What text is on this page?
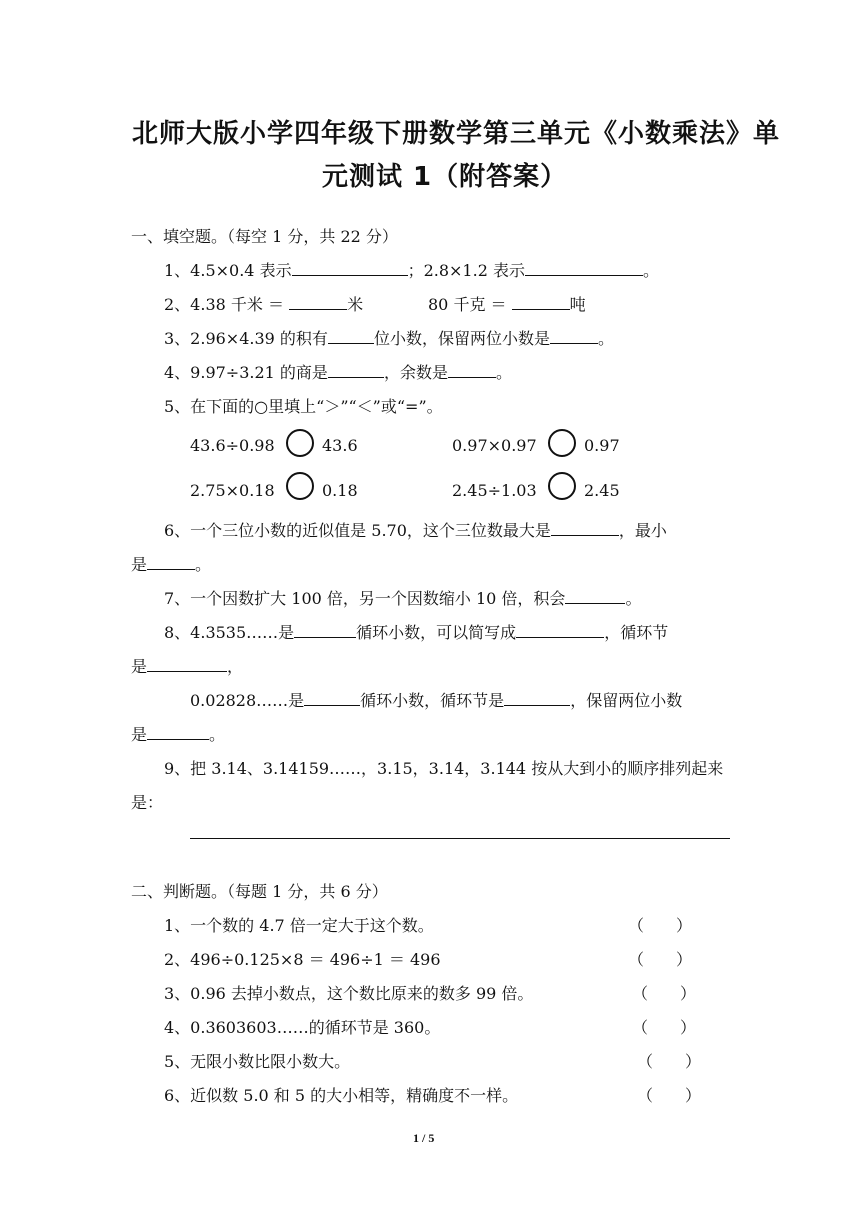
北师大版小学四年级下册数学第三单元《小数乘法》单
元测试 1（附答案）
一、填空题。（每空 1 分，共 22 分）
1、4.5×0.4 表示	；2.8×1.2 表示	。
2、4.38 千米 ＝	米	80 千克 ＝	吨
3、2.96×4.39 的积有	位小数，保留两位小数是	。
4、9.97÷3.21 的商是	，余数是	。
5、在下面的○里填上“＞”“＜”或“=”。
43.6÷0.98	43.6	0.97×0.97	0.97
2.75×0.18	0.18	2.45÷1.03	2.45
6、一个三位小数的近似值是 5.70，这个三位数最大是	，最小
是	。
7、一个因数扩大 100 倍，另一个因数缩小 10 倍，积会	。
8、4.3535……是	循环小数，可以简写成	，循环节
是	，
0.02828……是	循环小数，循环节是	，保留两位小数
是	。
9、把 3.14、3.14159……，3.15，3.14，3.144 按从大到小的顺序排列起来
是：
二、判断题。（每题 1 分，共 6 分）
1、一个数的 4.7 倍一定大于这个数。	（　　）
2、496÷0.125×8 ＝ 496÷1 ＝ 496	（　　）
3、0.96 去掉小数点，这个数比原来的数多 99 倍。	（　　）
4、0.3603603……的循环节是 360。	（　　）
5、无限小数比限小数大。	（　　）
6、近似数 5.0 和 5 的大小相等，精确度不一样。	（　　）
1 / 5
